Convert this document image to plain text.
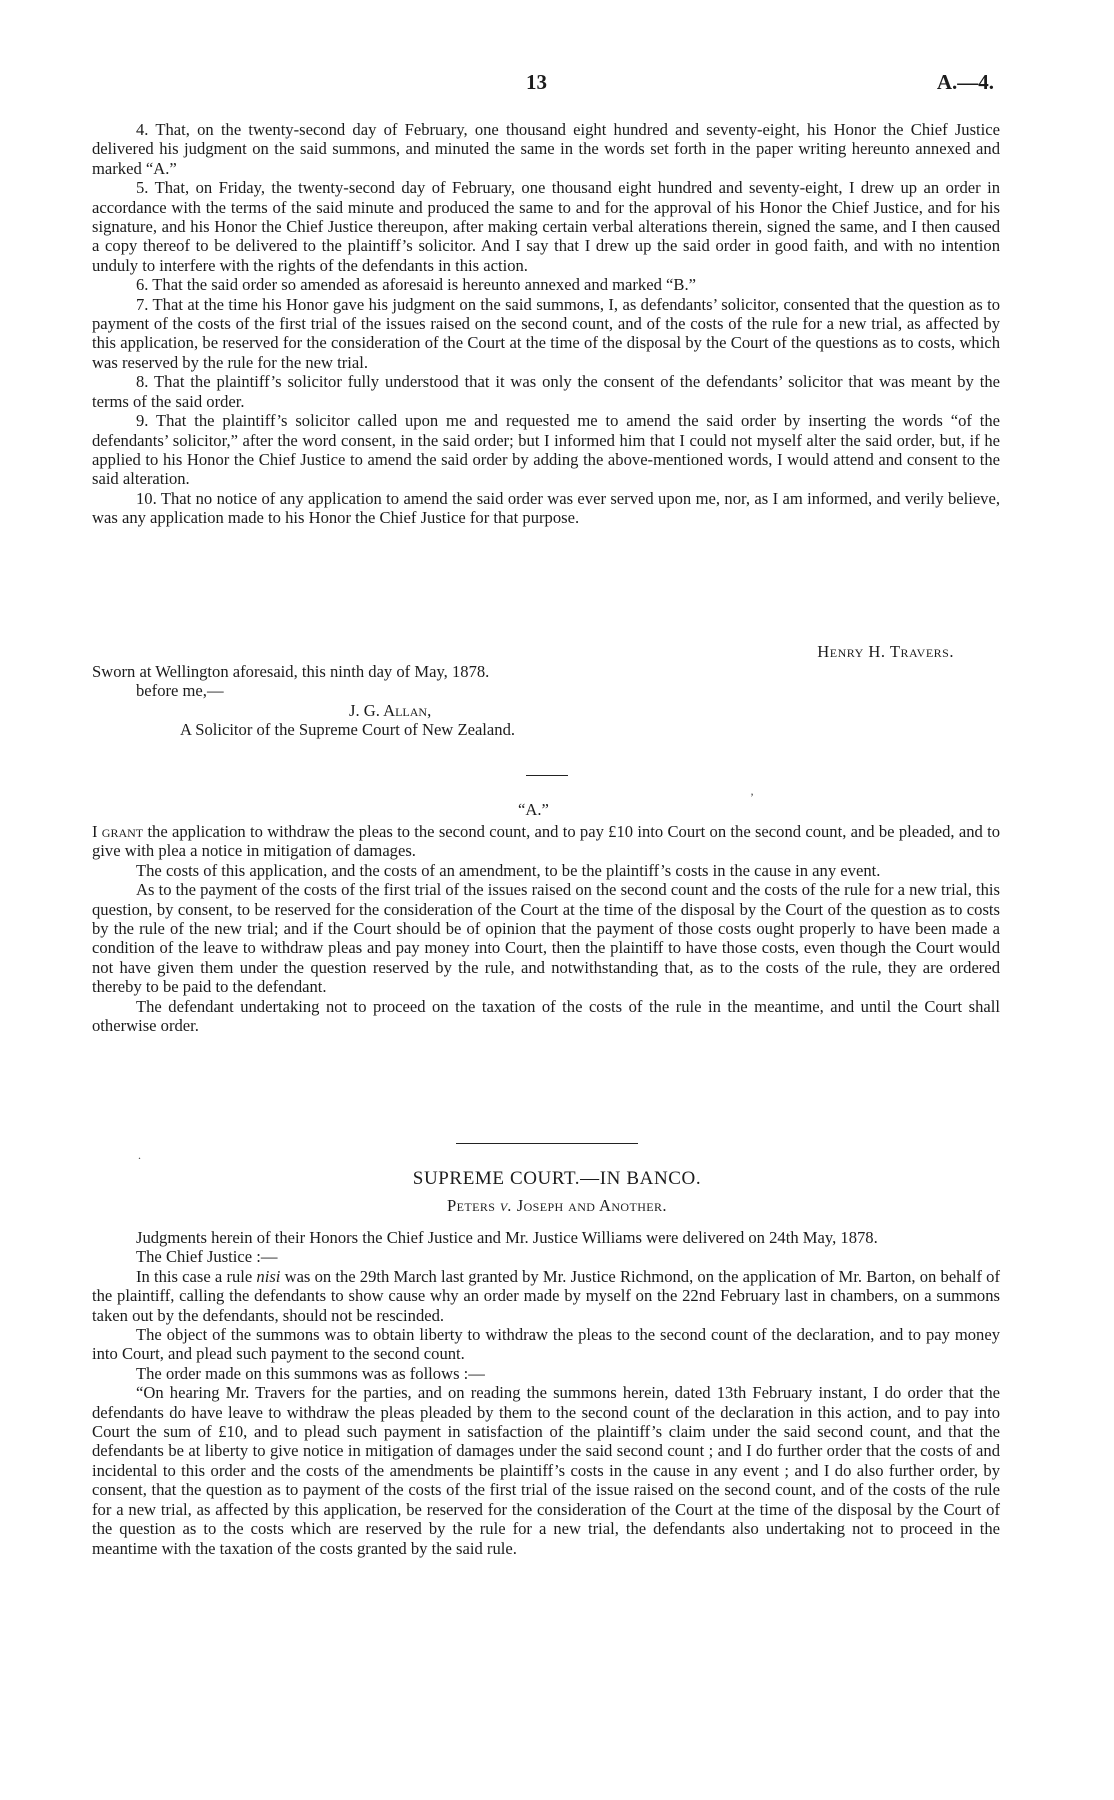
13	A.—4.

4. That, on the twenty-second day of February, one thousand eight hundred and seventy-eight, his Honor the Chief Justice delivered his judgment on the said summons, and minuted the same in the words set forth in the paper writing hereunto annexed and marked “A.”

5. That, on Friday, the twenty-second day of February, one thousand eight hundred and seventy-eight, I drew up an order in accordance with the terms of the said minute and produced the same to and for the approval of his Honor the Chief Justice, and for his signature, and his Honor the Chief Justice thereupon, after making certain verbal alterations therein, signed the same, and I then caused a copy thereof to be delivered to the plaintiff’s solicitor. And I say that I drew up the said order in good faith, and with no intention unduly to interfere with the rights of the defendants in this action.

6. That the said order so amended as aforesaid is hereunto annexed and marked “B.”

7. That at the time his Honor gave his judgment on the said summons, I, as defendants’ solicitor, consented that the question as to payment of the costs of the first trial of the issues raised on the second count, and of the costs of the rule for a new trial, as affected by this application, be reserved for the consideration of the Court at the time of the disposal by the Court of the questions as to costs, which was reserved by the rule for the new trial.

8. That the plaintiff’s solicitor fully understood that it was only the consent of the defendants’ solicitor that was meant by the terms of the said order.

9. That the plaintiff’s solicitor called upon me and requested me to amend the said order by inserting the words “of the defendants’ solicitor,” after the word consent, in the said order; but I informed him that I could not myself alter the said order, but, if he applied to his Honor the Chief Justice to amend the said order by adding the above-mentioned words, I would attend and consent to the said alteration.

10. That no notice of any application to amend the said order was ever served upon me, nor, as I am informed, and verily believe, was any application made to his Honor the Chief Justice for that purpose.

Henry H. Travers.
Sworn at Wellington aforesaid, this ninth day of May, 1878.
before me,—
J. G. Allan,
A Solicitor of the Supreme Court of New Zealand.
’
“A.”

I grant the application to withdraw the pleas to the second count, and to pay £10 into Court on the second count, and be pleaded, and to give with plea a notice in mitigation of damages.

The costs of this application, and the costs of an amendment, to be the plaintiff’s costs in the cause in any event.

As to the payment of the costs of the first trial of the issues raised on the second count and the costs of the rule for a new trial, this question, by consent, to be reserved for the consideration of the Court at the time of the disposal by the Court of the question as to costs by the rule of the new trial; and if the Court should be of opinion that the payment of those costs ought properly to have been made a condition of the leave to withdraw pleas and pay money into Court, then the plaintiff to have those costs, even though the Court would not have given them under the question reserved by the rule, and notwithstanding that, as to the costs of the rule, they are ordered thereby to be paid to the defendant.

The defendant undertaking not to proceed on the taxation of the costs of the rule in the meantime, and until the Court shall otherwise order.

.
SUPREME COURT.—IN BANCO.
Peters v. Joseph and Another.

Judgments herein of their Honors the Chief Justice and Mr. Justice Williams were delivered on 24th May, 1878.

The Chief Justice :—

In this case a rule nisi was on the 29th March last granted by Mr. Justice Richmond, on the application of Mr. Barton, on behalf of the plaintiff, calling the defendants to show cause why an order made by myself on the 22nd February last in chambers, on a summons taken out by the defendants, should not be rescinded.

The object of the summons was to obtain liberty to withdraw the pleas to the second count of the declaration, and to pay money into Court, and plead such payment to the second count.

The order made on this summons was as follows :—

“On hearing Mr. Travers for the parties, and on reading the summons herein, dated 13th February instant, I do order that the defendants do have leave to withdraw the pleas pleaded by them to the second count of the declaration in this action, and to pay into Court the sum of £10, and to plead such payment in satisfaction of the plaintiff’s claim under the said second count, and that the defendants be at liberty to give notice in mitigation of damages under the said second count ; and I do further order that the costs of and incidental to this order and the costs of the amendments be plaintiff’s costs in the cause in any event ; and I do also further order, by consent, that the question as to payment of the costs of the first trial of the issue raised on the second count, and of the costs of the rule for a new trial, as affected by this application, be reserved for the consideration of the Court at the time of the disposal by the Court of the question as to the costs which are reserved by the rule for a new trial, the defendants also undertaking not to proceed in the meantime with the taxation of the costs granted by the said rule.
